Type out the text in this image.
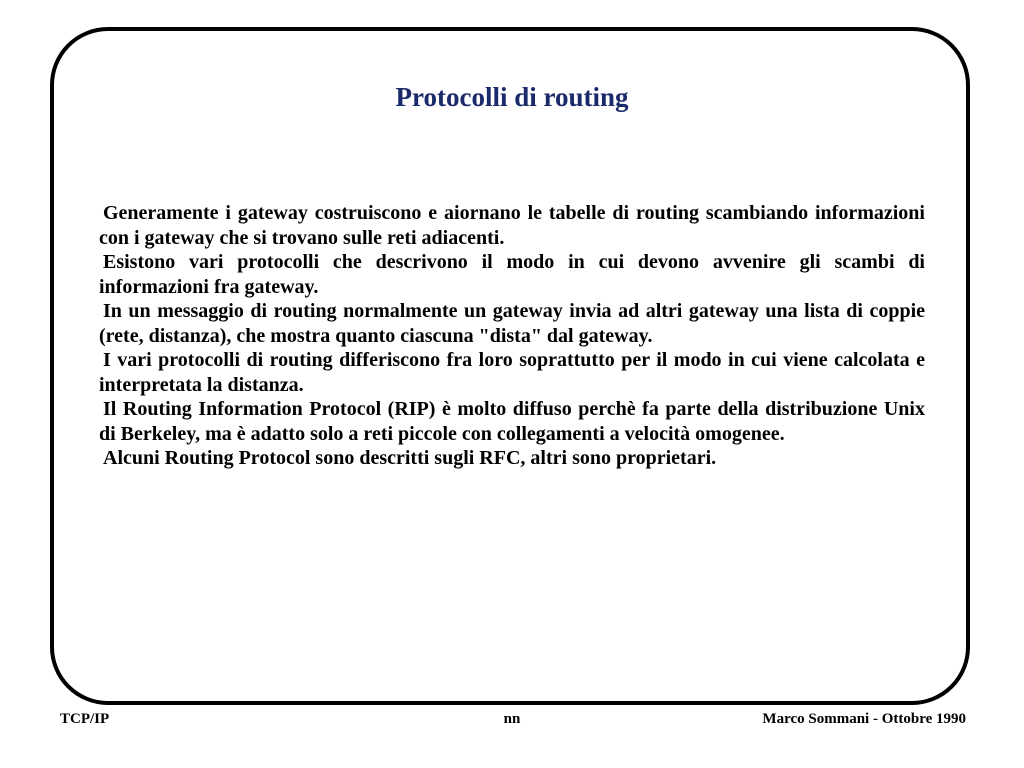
Protocolli di routing

Generamente i gateway costruiscono e aiornano le tabelle di routing scambiando informazioni con i gateway che si trovano sulle reti adiacenti.

Esistono vari protocolli che descrivono il modo in cui devono avvenire gli scambi di informazioni fra gateway.

In un messaggio di routing normalmente un gateway invia ad altri gateway una lista di coppie (rete, distanza), che mostra quanto ciascuna "dista" dal gateway.

I vari protocolli di routing differiscono fra loro soprattutto per il modo in cui viene calcolata e interpretata la distanza.

Il Routing Information Protocol (RIP) è molto diffuso perchè fa parte della distribuzione Unix di Berkeley, ma è adatto solo a reti piccole con collegamenti a velocità omogenee.

Alcuni Routing Protocol sono descritti sugli RFC, altri sono proprietari.

TCP/IP	nn	Marco Sommani - Ottobre 1990
